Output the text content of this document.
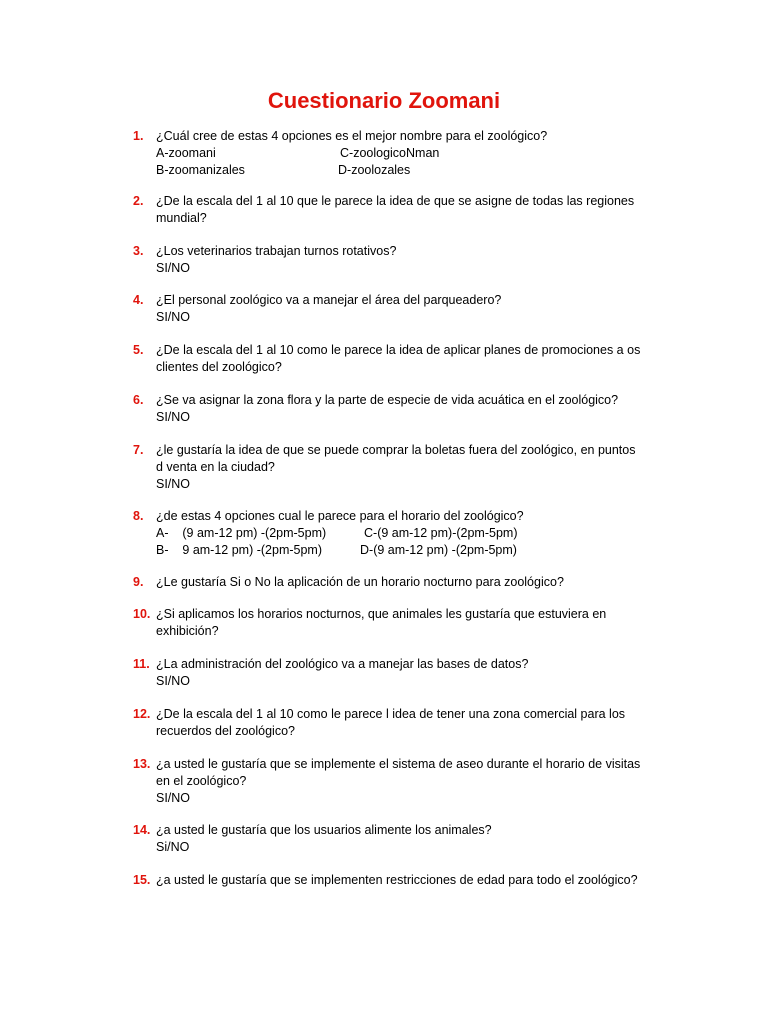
Cuestionario Zoomani
1.	¿Cuál cree de estas 4 opciones es el mejor nombre para el zoológico?
A-zoomani	C-zoologicoNman
B-zoomanizales	D-zoolozales
2.	¿De la escala del 1 al 10 que le parece la idea de que se asigne de todas las regiones
mundial?
3.	¿Los veterinarios trabajan turnos rotativos?
SI/NO
4.	¿El personal zoológico va a manejar el área del parqueadero?
SI/NO
5.	¿De la escala del 1 al 10 como le parece la idea de aplicar planes de promociones a os
clientes del zoológico?
6.	¿Se va asignar la zona flora y la parte de especie de vida acuática en el zoológico?
SI/NO
7.	¿le gustaría la idea de que se puede comprar la boletas fuera del zoológico, en puntos
d venta en la ciudad?
SI/NO
8.	¿de estas 4 opciones cual le parece para el horario del zoológico?
A-    (9 am-12 pm) -(2pm-5pm)	C-(9 am-12 pm)-(2pm-5pm)
B-    9 am-12 pm) -(2pm-5pm)	D-(9 am-12 pm) -(2pm-5pm)
9.	¿Le gustaría Si o No la aplicación de un horario nocturno para zoológico?
10. ¿Si aplicamos los horarios nocturnos, que animales les gustaría que estuviera en
exhibición?
11. ¿La administración del zoológico va a manejar las bases de datos?
SI/NO
12. ¿De la escala del 1 al 10 como le parece l idea de tener una zona comercial para los
recuerdos del zoológico?
13. ¿a usted le gustaría que se implemente el sistema de aseo durante el horario de visitas
en el zoológico?
SI/NO
14. ¿a usted le gustaría que los usuarios alimente los animales?
Si/NO
15. ¿a usted le gustaría que se implementen restricciones de edad para todo el zoológico?
